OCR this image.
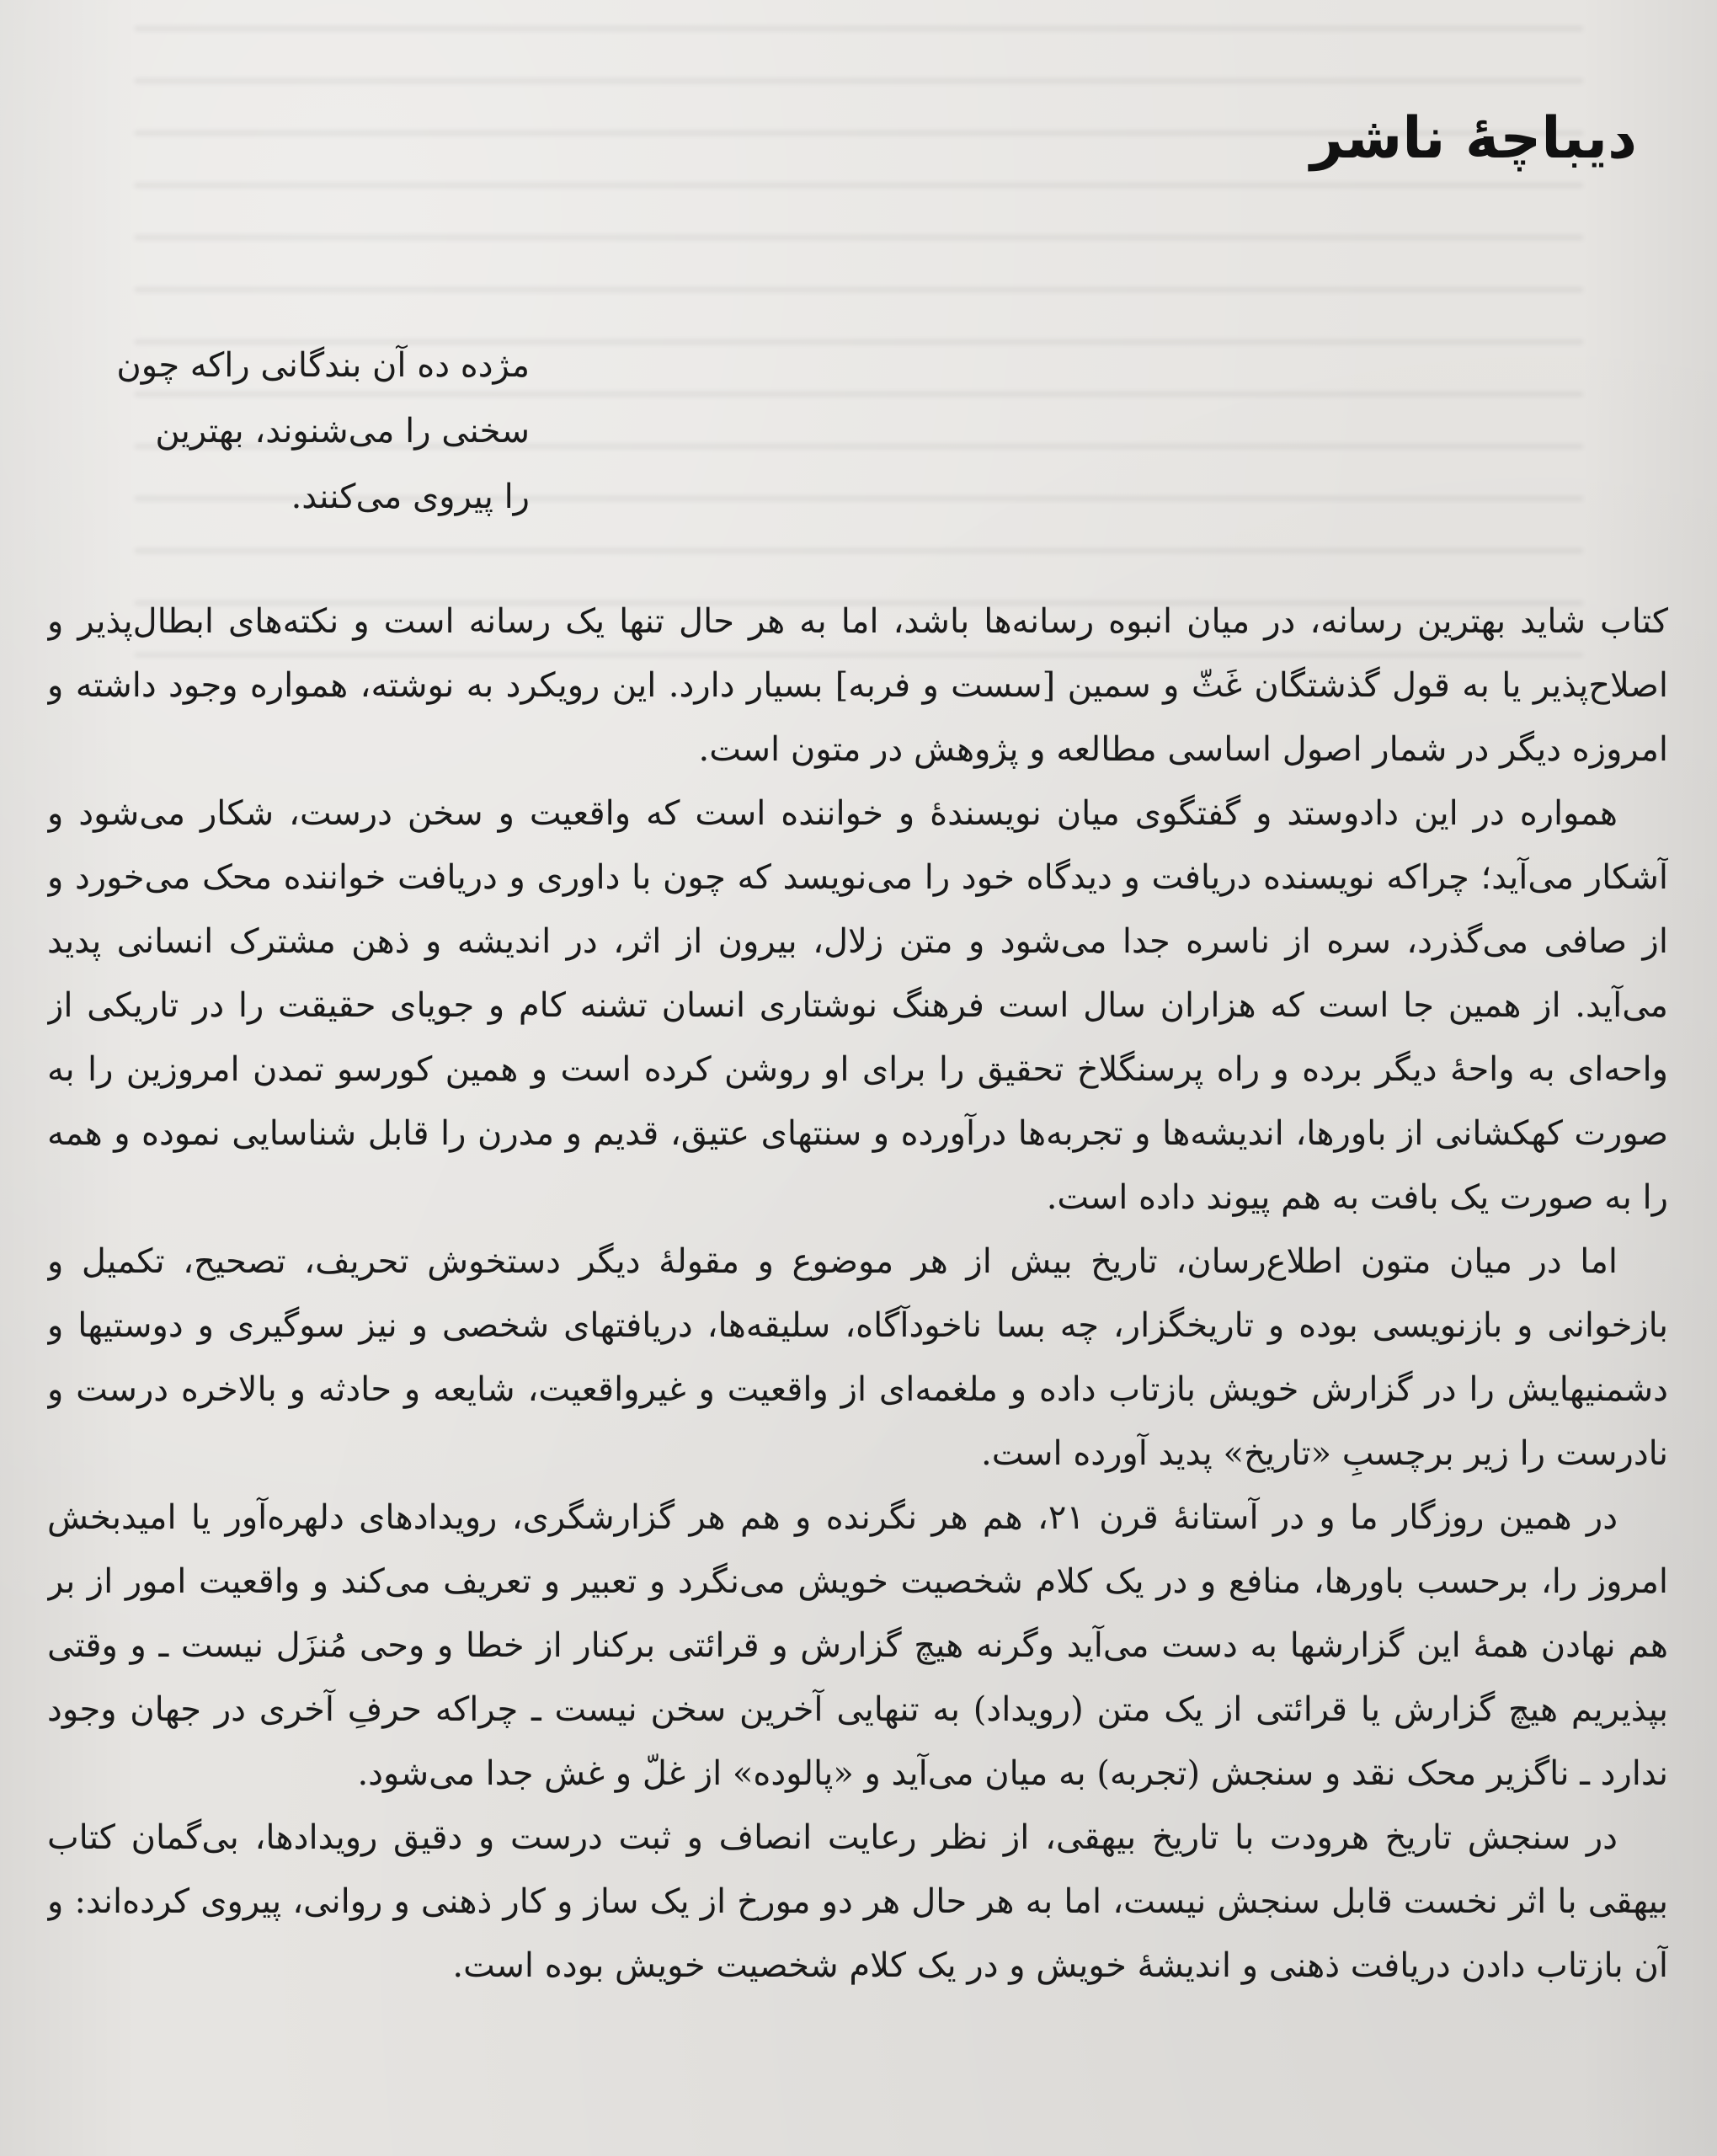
دیباچهٔ ناشر
مژده ده آن بندگانی راکه چون
سخنی را می‌شنوند، بهترین
را پیروی می‌کنند.

کتاب شاید بهترین رسانه، در میان انبوه رسانه‌ها باشد، اما به هر حال تنها یک رسانه است و نکته‌های ابطال‌پذیر و اصلاح‌پذیر یا به قول گذشتگان غَثّ و سمین [سست و فربه] بسیار دارد. این رویکرد به نوشته، همواره وجود داشته و امروزه دیگر در شمار اصول اساسی مطالعه و پژوهش در متون است.

همواره در این دادوستد و گفتگوی میان نویسندهٔ و خواننده است که واقعیت و سخن درست، شکار می‌شود و آشکار می‌آید؛ چراکه نویسنده دریافت و دیدگاه خود را می‌نویسد که چون با داوری و دریافت خواننده محک می‌خورد و از صافی می‌گذرد، سره از ناسره جدا می‌شود و متن زلال، بیرون از اثر، در اندیشه و ذهن مشترک انسانی پدید می‌آید. از همین جا است که هزاران سال است فرهنگ نوشتاری انسان تشنه کام و جویای حقیقت را در تاریکی از واحه‌ای به واحهٔ دیگر برده و راه پرسنگلاخ تحقیق را برای او روشن کرده است و همین کورسو تمدن امروزین را به صورت کهکشانی از باورها، اندیشه‌ها و تجربه‌ها درآورده و سنتهای عتیق، قدیم و مدرن را قابل شناسایی نموده و همه را به صورت یک بافت به هم پیوند داده است.

اما در میان متون اطلاع‌رسان، تاریخ بیش از هر موضوع و مقولهٔ دیگر دستخوش تحریف، تصحیح، تکمیل و بازخوانی و بازنویسی بوده و تاریخگزار، چه بسا ناخودآگاه، سلیقه‌ها، دریافتهای شخصی و نیز سوگیری و دوستیها و دشمنیهایش را در گزارش خویش بازتاب داده و ملغمه‌ای از واقعیت و غیرواقعیت، شایعه و حادثه و بالاخره درست و نادرست را زیر برچسبِ «تاریخ» پدید آورده است.

در همین روزگار ما و در آستانهٔ قرن ۲۱، هم هر نگرنده و هم هر گزارشگری، رویدادهای دلهره‌آور یا امیدبخش امروز را، برحسب باورها، منافع و در یک کلام شخصیت خویش می‌نگرد و تعبیر و تعریف می‌کند و واقعیت امور از بر هم نهادن همهٔ این گزارشها به دست می‌آید وگرنه هیچ گزارش و قرائتی برکنار از خطا و وحی مُنزَل نیست ـ و وقتی بپذیریم هیچ گزارش یا قرائتی از یک متن (رویداد) به تنهایی آخرین سخن نیست ـ چراکه حرفِ آخری در جهان وجود ندارد ـ ناگزیر محک نقد و سنجش (تجربه) به میان می‌آید و «پالوده» از غلّ و غش جدا می‌شود.

در سنجش تاریخ هرودت با تاریخ بیهقی، از نظر رعایت انصاف و ثبت درست و دقیق رویدادها، بی‌گمان کتاب بیهقی با اثر نخست قابل سنجش نیست، اما به هر حال هر دو مورخ از یک ساز و کار ذهنی و روانی، پیروی کرده‌اند: و آن بازتاب دادن دریافت ذهنی و اندیشهٔ خویش و در یک کلام شخصیت خویش بوده است.
